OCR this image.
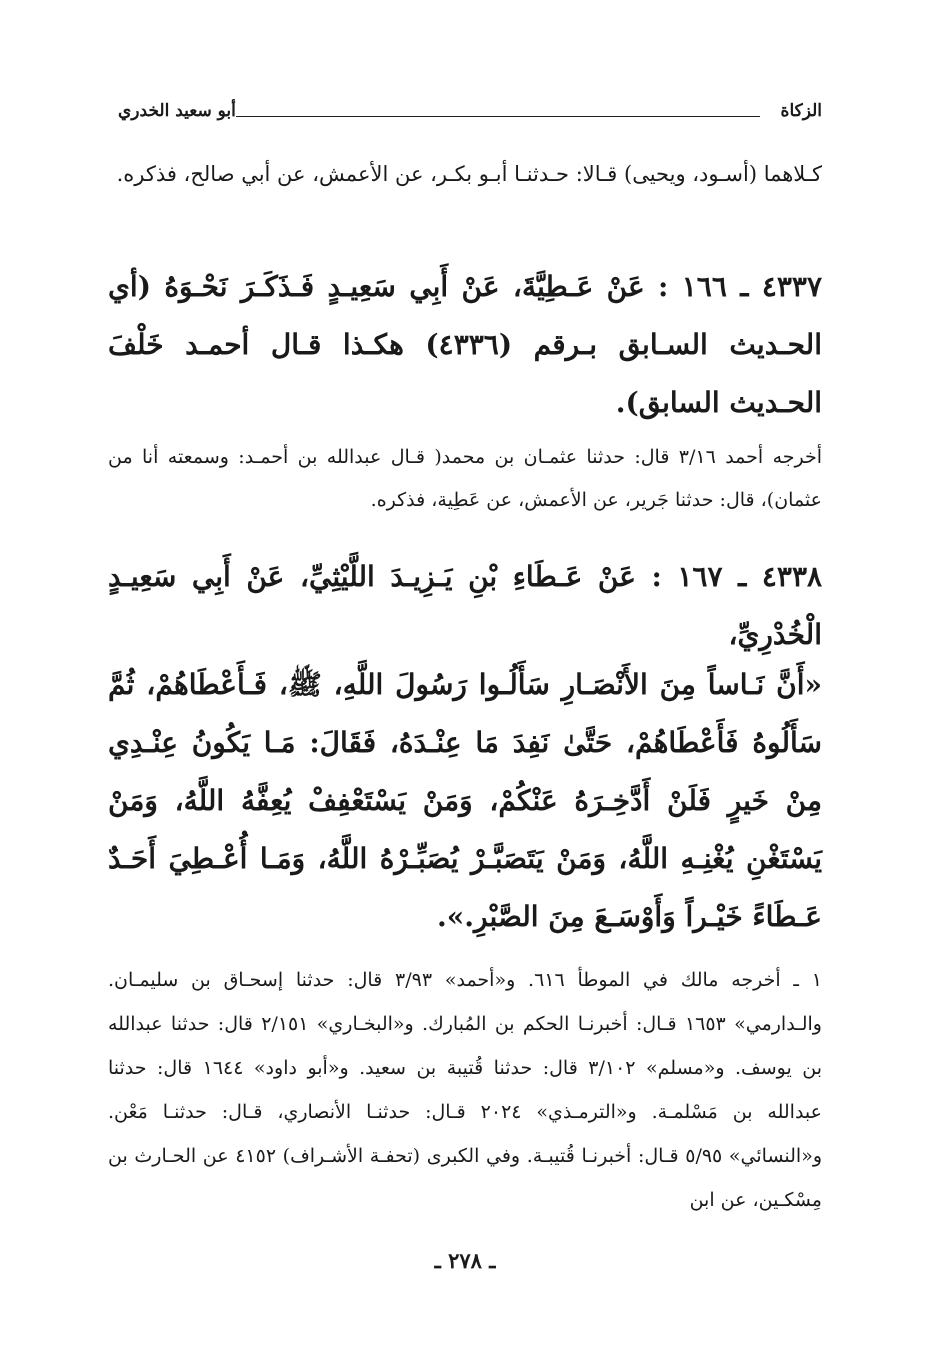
الزكاة
أبو سعيد الخدري

كـلاهما (أسـود، ويحيى) قـالا: حـدثنـا أبـو بكـر، عن الأعمش، عن أبي صالح، فذكره.

٤٣٣٧ ـ ١٦٦ : عَنْ عَـطِيَّةَ، عَنْ أَبِي سَعِيـدٍ فَـذَكَـرَ نَحْـوَهُ (أي الحـديث السـابق بـرقم (٤٣٣٦) هكـذا قـال أحمـد خَلْفَ الحـديث السابق).

أخرجه أحمد ٣/١٦ قال: حدثنا عثمـان بن محمد( قـال عبدالله بن أحمـد: وسمعته أنا من عثمان)، قال: حدثنا جَرير، عن الأعمش، عن عَطِية، فذكره.

٤٣٣٨ ـ ١٦٧ : عَنْ عَـطَاءِ بْنِ يَـزِيـدَ اللَّيْثِيِّ، عَنْ أَبِي سَعِيـدٍ الْخُدْرِيِّ،

«أَنَّ نَـاساً مِنَ الأَنْصَـارِ سَأَلُـوا رَسُولَ اللَّهِ، ﷺ، فَـأَعْطَاهُمْ، ثُمَّ سَأَلُوهُ فَأَعْطَاهُمْ، حَتَّىٰ نَفِدَ مَا عِنْـدَهُ، فَقَالَ: مَـا يَكُونُ عِنْـدِي مِنْ خَيرٍ فَلَنْ أَدَّخِـرَهُ عَنْكُمْ، وَمَنْ يَسْتَعْفِفْ يُعِفَّهُ اللَّهُ، وَمَنْ يَسْتَغْنِ يُغْنِـهِ اللَّهُ، وَمَنْ يَتَصَبَّـرْ يُصَبِّـرْهُ اللَّهُ، وَمَـا أُعْـطِيَ أَحَـدٌ عَـطَاءً خَيْـراً وَأَوْسَـعَ مِنَ الصَّبْرِ.».

١ ـ أخرجه مالك في الموطأ ٦١٦. و«أحمد» ٣/٩٣ قال: حدثنا إسحـاق بن سليمـان. والـدارمي» ١٦٥٣ قـال: أخبرنـا الحكم بن المُبارك. و«البخـاري» ٢/١٥١ قال: حدثنا عبدالله بن يوسف. و«مسلم» ٣/١٠٢ قال: حدثنا قُتيبة بن سعيد. و«أبو داود» ١٦٤٤ قال: حدثنا عبدالله بن مَسْلمـة. و«الترمـذي» ٢٠٢٤ قـال: حدثنـا الأنصاري، قـال: حدثنـا مَعْن. و«النسائي» ٥/٩٥ قـال: أخبرنـا قُتيبـة. وفي الكبرى (تحفـة الأشـراف) ٤١٥٢ عن الحـارث بن مِسْكـين، عن ابن

ـ ٢٧٨ ـ
